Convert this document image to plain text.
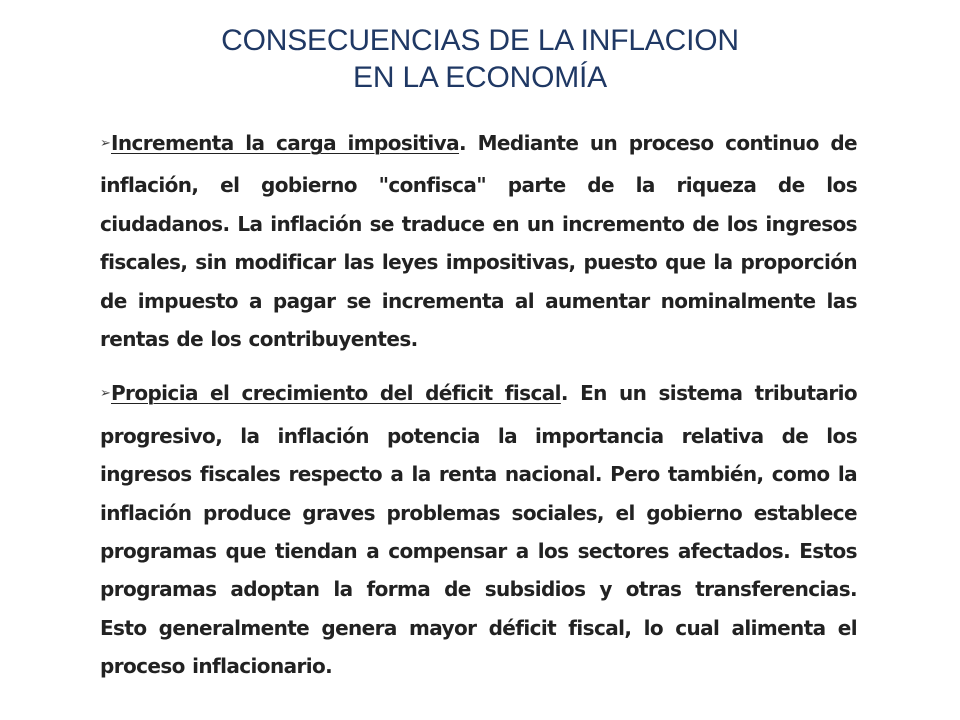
CONSECUENCIAS DE LA INFLACION
EN LA ECONOMÍA

➢Incrementa la carga impositiva. Mediante un proceso continuo de inflación, el gobierno "confisca" parte de la riqueza de los ciudadanos. La inflación se traduce en un incremento de los ingresos fiscales, sin modificar las leyes impositivas, puesto que la proporción de impuesto a pagar se incrementa al aumentar nominalmente las rentas de los contribuyentes.

➢Propicia el crecimiento del déficit fiscal. En un sistema tributario progresivo, la inflación potencia la importancia relativa de los ingresos fiscales respecto a la renta nacional. Pero también, como la inflación produce graves problemas sociales, el gobierno establece programas que tiendan a compensar a los sectores afectados. Estos programas adoptan la forma de subsidios y otras transferencias. Esto generalmente genera mayor déficit fiscal, lo cual alimenta el proceso inflacionario.
